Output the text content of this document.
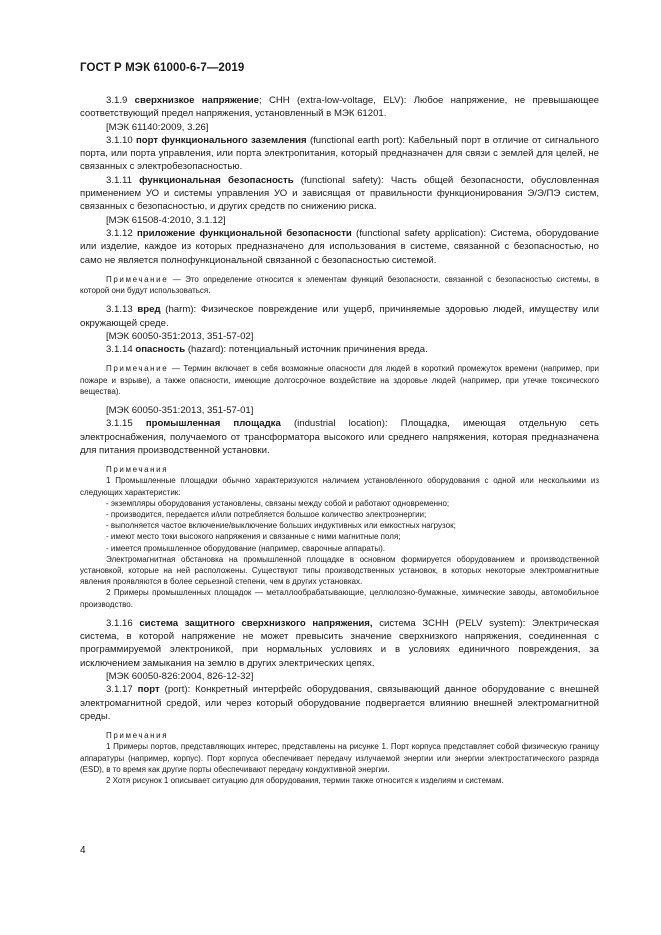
ГОСТ Р МЭК 61000-6-7—2019

3.1.9 сверхнизкое напряжение; СНН (extra-low-voltage, ELV): Любое напряжение, не превышающее соответствующий предел напряжения, установленный в МЭК 61201.

[МЭК 61140:2009, 3.26]

3.1.10 порт функционального заземления (functional earth port): Кабельный порт в отличие от сигнального порта, или порта управления, или порта электропитания, который предназначен для связи с землей для целей, не связанных с электробезопасностью.

3.1.11 функциональная безопасность (functional safety): Часть общей безопасности, обусловленная применением УО и системы управления УО и зависящая от правильности функционирования Э/Э/ПЭ систем, связанных с безопасностью, и других средств по снижению риска.

[МЭК 61508-4:2010, 3.1.12]

3.1.12 приложение функциональной безопасности (functional safety application): Система, оборудование или изделие, каждое из которых предназначено для использования в системе, связанной с безопасностью, но само не является полнофункциональной связанной с безопасностью системой.

Примечание — Это определение относится к элементам функций безопасности, связанной с безопасностью системы, в которой они будут использоваться.

3.1.13 вред (harm): Физическое повреждение или ущерб, причиняемые здоровью людей, имуществу или окружающей среде.

[МЭК 60050-351:2013, 351-57-02]

3.1.14 опасность (hazard): потенциальный источник причинения вреда.

Примечание — Термин включает в себя возможные опасности для людей в короткий промежуток времени (например, при пожаре и взрыве), а также опасности, имеющие долгосрочное воздействие на здоровье людей (например, при утечке токсического вещества).

[МЭК 60050-351:2013, 351-57-01]

3.1.15 промышленная площадка (industrial location): Площадка, имеющая отдельную сеть электроснабжения, получаемого от трансформатора высокого или среднего напряжения, которая предназначена для питания производственной установки.

Примечания

1 Промышленные площадки обычно характеризуются наличием установленного оборудования с одной или несколькими из следующих характеристик:

- экземпляры оборудования установлены, связаны между собой и работают одновременно;

- производится, передается и/или потребляется большое количество электроэнергии;

- выполняется частое включение/выключение больших индуктивных или емкостных нагрузок;

- имеют место токи высокого напряжения и связанные с ними магнитные поля;

- имеется промышленное оборудование (например, сварочные аппараты).

Электромагнитная обстановка на промышленной площадке в основном формируется оборудованием и производственной установкой, которые на ней расположены. Существуют типы производственных установок, в которых некоторые электромагнитные явления проявляются в более серьезной степени, чем в других установках.

2 Примеры промышленных площадок — металлообрабатывающие, целлюлозно-бумажные, химические заводы, автомобильное производство.

3.1.16 система защитного сверхнизкого напряжения, система ЗСНН (PELV system): Электрическая система, в которой напряжение не может превысить значение сверхнизкого напряжения, соединенная с программируемой электроникой, при нормальных условиях и в условиях единичного повреждения, за исключением замыкания на землю в других электрических цепях.

[МЭК 60050-826:2004, 826-12-32]

3.1.17 порт (port): Конкретный интерфейс оборудования, связывающий данное оборудование с внешней электромагнитной средой, или через который оборудование подвергается влиянию внешней электромагнитной среды.

Примечания

1 Примеры портов, представляющих интерес, представлены на рисунке 1. Порт корпуса представляет собой физическую границу аппаратуры (например, корпус). Порт корпуса обеспечивает передачу излучаемой энергии или энергии электростатического разряда (ESD), в то время как другие порты обеспечивают передачу кондуктивной энергии.

2 Хотя рисунок 1 описывает ситуацию для оборудования, термин также относится к изделиям и системам.

4
